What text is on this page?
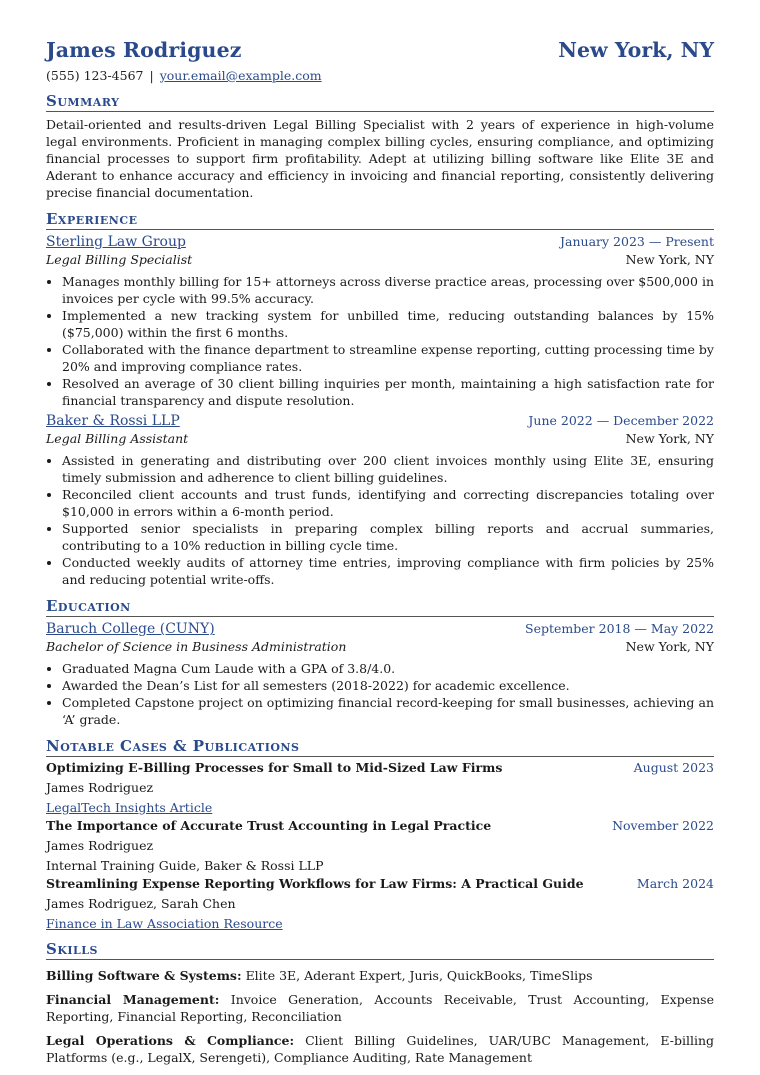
James Rodriguez	New York, NY
(555) 123-4567 | your.email@example.com
Summary
Detail-oriented and results-driven Legal Billing Specialist with 2 years of experience in high-volume legal environments. Proficient in managing complex billing cycles, ensuring compliance, and optimizing financial processes to support firm profitability. Adept at utilizing billing software like Elite 3E and Aderant to enhance accuracy and efficiency in invoicing and financial reporting, consistently delivering precise financial documentation.
Experience
Sterling Law Group	January 2023 — Present
Legal Billing Specialist	New York, NY
• Manages monthly billing for 15+ attorneys across diverse practice areas, processing over $500,000 in invoices per cycle with 99.5% accuracy.
• Implemented a new tracking system for unbilled time, reducing outstanding balances by 15% ($75,000) within the first 6 months.
• Collaborated with the finance department to streamline expense reporting, cutting processing time by 20% and improving compliance rates.
• Resolved an average of 30 client billing inquiries per month, maintaining a high satisfaction rate for financial transparency and dispute resolution.
Baker & Rossi LLP	June 2022 — December 2022
Legal Billing Assistant	New York, NY
• Assisted in generating and distributing over 200 client invoices monthly using Elite 3E, ensuring timely submission and adherence to client billing guidelines.
• Reconciled client accounts and trust funds, identifying and correcting discrepancies totaling over $10,000 in errors within a 6-month period.
• Supported senior specialists in preparing complex billing reports and accrual summaries, contributing to a 10% reduction in billing cycle time.
• Conducted weekly audits of attorney time entries, improving compliance with firm policies by 25% and reducing potential write-offs.
Education
Baruch College (CUNY)	September 2018 — May 2022
Bachelor of Science in Business Administration	New York, NY
• Graduated Magna Cum Laude with a GPA of 3.8/4.0.
• Awarded the Dean’s List for all semesters (2018-2022) for academic excellence.
• Completed Capstone project on optimizing financial record-keeping for small businesses, achieving an ‘A’ grade.
Notable Cases & Publications
Optimizing E-Billing Processes for Small to Mid-Sized Law Firms	August 2023
James Rodriguez
LegalTech Insights Article
The Importance of Accurate Trust Accounting in Legal Practice	November 2022
James Rodriguez
Internal Training Guide, Baker & Rossi LLP
Streamlining Expense Reporting Workflows for Law Firms: A Practical Guide	March 2024
James Rodriguez, Sarah Chen
Finance in Law Association Resource
Skills
Billing Software & Systems: Elite 3E, Aderant Expert, Juris, QuickBooks, TimeSlips
Financial Management: Invoice Generation, Accounts Receivable, Trust Accounting, Expense Reporting, Financial Reporting, Reconciliation
Legal Operations & Compliance: Client Billing Guidelines, UAR/UBC Management, E-billing Platforms (e.g., LegalX, Serengeti), Compliance Auditing, Rate Management
